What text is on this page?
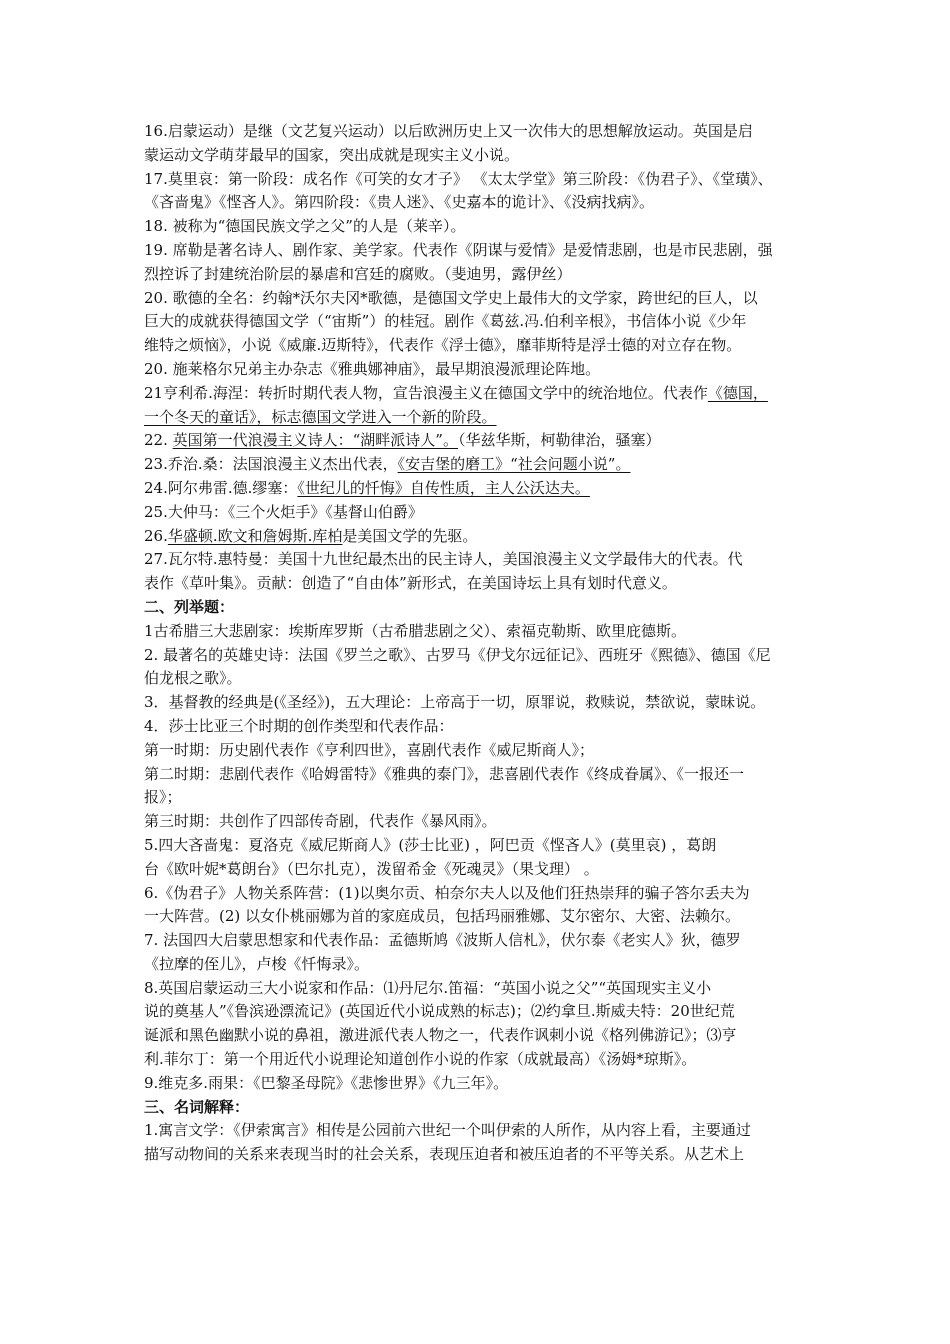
16.启蒙运动）是继（文艺复兴运动）以后欧洲历史上又一次伟大的思想解放运动。英国是启
蒙运动文学萌芽最早的国家，突出成就是现实主义小说。
17.莫里哀：第一阶段：成名作《可笑的女才子》 《太太学堂》第三阶段：《伪君子》、《堂璜》、
《吝啬鬼》《悭吝人》。第四阶段：《贵人迷》、《史嘉本的诡计》、《没病找病》。
18. 被称为“德国民族文学之父”的人是（莱辛）。
19. 席勒是著名诗人、剧作家、美学家。代表作《阴谋与爱情》是爱情悲剧，也是市民悲剧，强
烈控诉了封建统治阶层的暴虐和宫廷的腐败。（斐迪男，露伊丝）
20. 歌德的全名：约翰*沃尔夫冈*歌德，是德国文学史上最伟大的文学家，跨世纪的巨人，以
巨大的成就获得德国文学（“宙斯”）的桂冠。剧作《葛兹.冯.伯利辛根》，书信体小说《少年
维特之烦恼》，小说《威廉.迈斯特》，代表作《浮士德》，靡菲斯特是浮士德的对立存在物。
20. 施莱格尔兄弟主办杂志《雅典娜神庙》，最早期浪漫派理论阵地。
21亨利希.海涅：转折时期代表人物，宣告浪漫主义在德国文学中的统治地位。代表作《德国，
一个冬天的童话》，标志德国文学进入一个新的阶段。
22. 英国第一代浪漫主义诗人：“湖畔派诗人”。（华兹华斯，柯勒律治，骚塞）
23.乔治.桑：法国浪漫主义杰出代表，《安吉堡的磨工》“社会问题小说”。
24.阿尔弗雷.德.缪塞：《世纪儿的忏悔》自传性质，主人公沃达夫。
25.大仲马：《三个火炬手》《基督山伯爵》
26.华盛顿.欧文和詹姆斯.库柏是美国文学的先驱。
27.瓦尔特.惠特曼：美国十九世纪最杰出的民主诗人，美国浪漫主义文学最伟大的代表。代
表作《草叶集》。贡献：创造了“自由体”新形式，在美国诗坛上具有划时代意义。
二、列举题：
1古希腊三大悲剧家：埃斯库罗斯（古希腊悲剧之父）、索福克勒斯、欧里庇德斯。
2. 最著名的英雄史诗：法国《罗兰之歌》、古罗马《伊戈尔远征记》、西班牙《熙德》、德国《尼
伯龙根之歌》。
3．基督教的经典是(《圣经》)，五大理论：上帝高于一切，原罪说，救赎说，禁欲说，蒙昧说。
4．莎士比亚三个时期的创作类型和代表作品：
第一时期：历史剧代表作《亨利四世》，喜剧代表作《威尼斯商人》；
第二时期：悲剧代表作《哈姆雷特》《雅典的泰门》，悲喜剧代表作《终成眷属》、《一报还一
报》；
第三时期：共创作了四部传奇剧，代表作《暴风雨》。
5.四大吝啬鬼：夏洛克《威尼斯商人》(莎士比亚) ，阿巴贡《悭吝人》(莫里哀) ，葛朗
台《欧叶妮*葛朗台》（巴尔扎克），泼留希金《死魂灵》（果戈理） 。
6.《伪君子》人物关系阵营：(1)以奥尔贡、柏奈尔夫人以及他们狂热崇拜的骗子答尔丢夫为
一大阵营。(2) 以女仆桃丽娜为首的家庭成员，包括玛丽雅娜、艾尔密尔、大密、法赖尔。
7. 法国四大启蒙思想家和代表作品：孟德斯鸠《波斯人信札》，伏尔泰《老实人》狄，德罗
《拉摩的侄儿》，卢梭《忏悔录》。
8.英国启蒙运动三大小说家和作品：⑴丹尼尔.笛福：“英国小说之父”“英国现实主义小
说的奠基人”《鲁滨逊漂流记》(英国近代小说成熟的标志)；⑵约拿旦.斯威夫特：20世纪荒
诞派和黑色幽默小说的鼻祖，激进派代表人物之一，代表作讽刺小说《格列佛游记》；⑶亨
利.菲尔丁：第一个用近代小说理论知道创作小说的作家（成就最高）《汤姆*琼斯》。
9.维克多.雨果：《巴黎圣母院》《悲惨世界》《九三年》。
三、名词解释：
1.寓言文学：《伊索寓言》相传是公园前六世纪一个叫伊索的人所作，从内容上看，主要通过
描写动物间的关系来表现当时的社会关系，表现压迫者和被压迫者的不平等关系。从艺术上
